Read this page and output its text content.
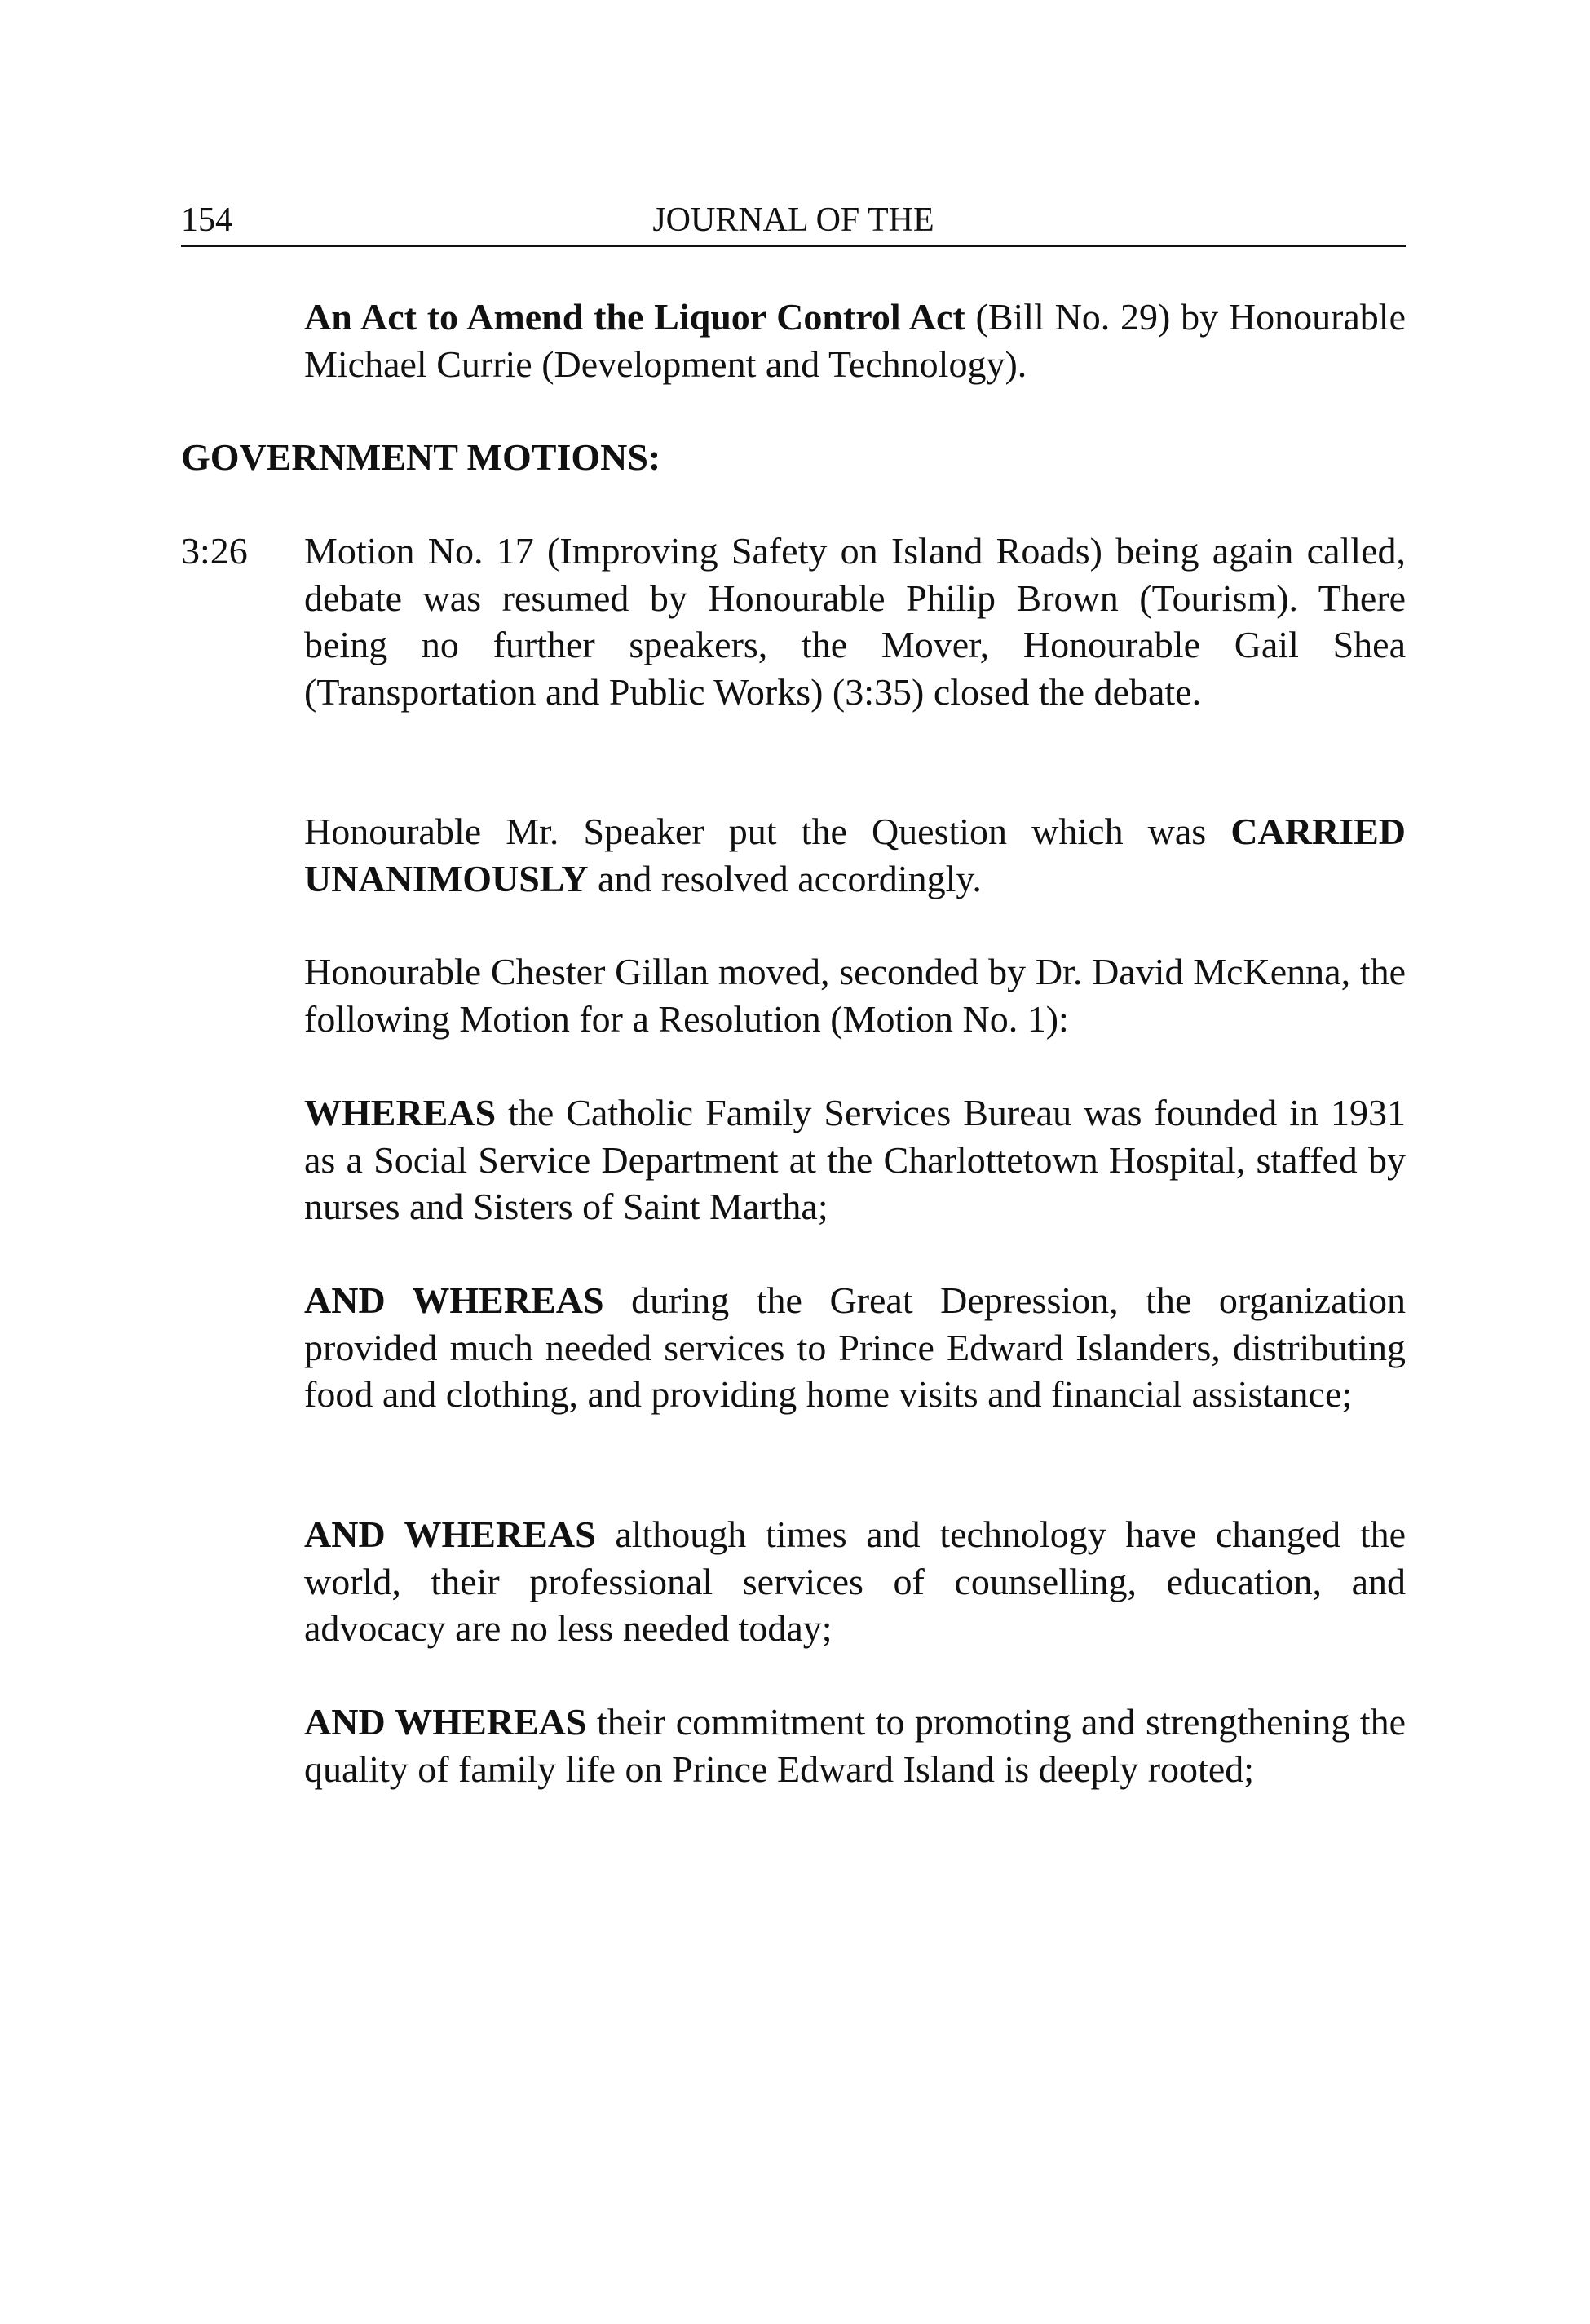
154	JOURNAL OF THE

An Act to Amend the Liquor Control Act (Bill No. 29) by Honourable Michael Currie (Development and Technology).

GOVERNMENT MOTIONS:

3:26 Motion No. 17 (Improving Safety on Island Roads) being again called, debate was resumed by Honourable Philip Brown (Tourism). There being no further speakers, the Mover, Honourable Gail Shea (Transportation and Public Works) (3:35) closed the debate.

Honourable Mr. Speaker put the Question which was CARRIED UNANIMOUSLY and resolved accordingly.

Honourable Chester Gillan moved, seconded by Dr. David McKenna, the following Motion for a Resolution (Motion No. 1):

WHEREAS the Catholic Family Services Bureau was founded in 1931 as a Social Service Department at the Charlottetown Hospital, staffed by nurses and Sisters of Saint Martha;

AND WHEREAS during the Great Depression, the organization provided much needed services to Prince Edward Islanders, distributing food and clothing, and providing home visits and financial assistance;

AND WHEREAS although times and technology have changed the world, their professional services of counselling, education, and advocacy are no less needed today;

AND WHEREAS their commitment to promoting and strengthening the quality of family life on Prince Edward Island is deeply rooted;
